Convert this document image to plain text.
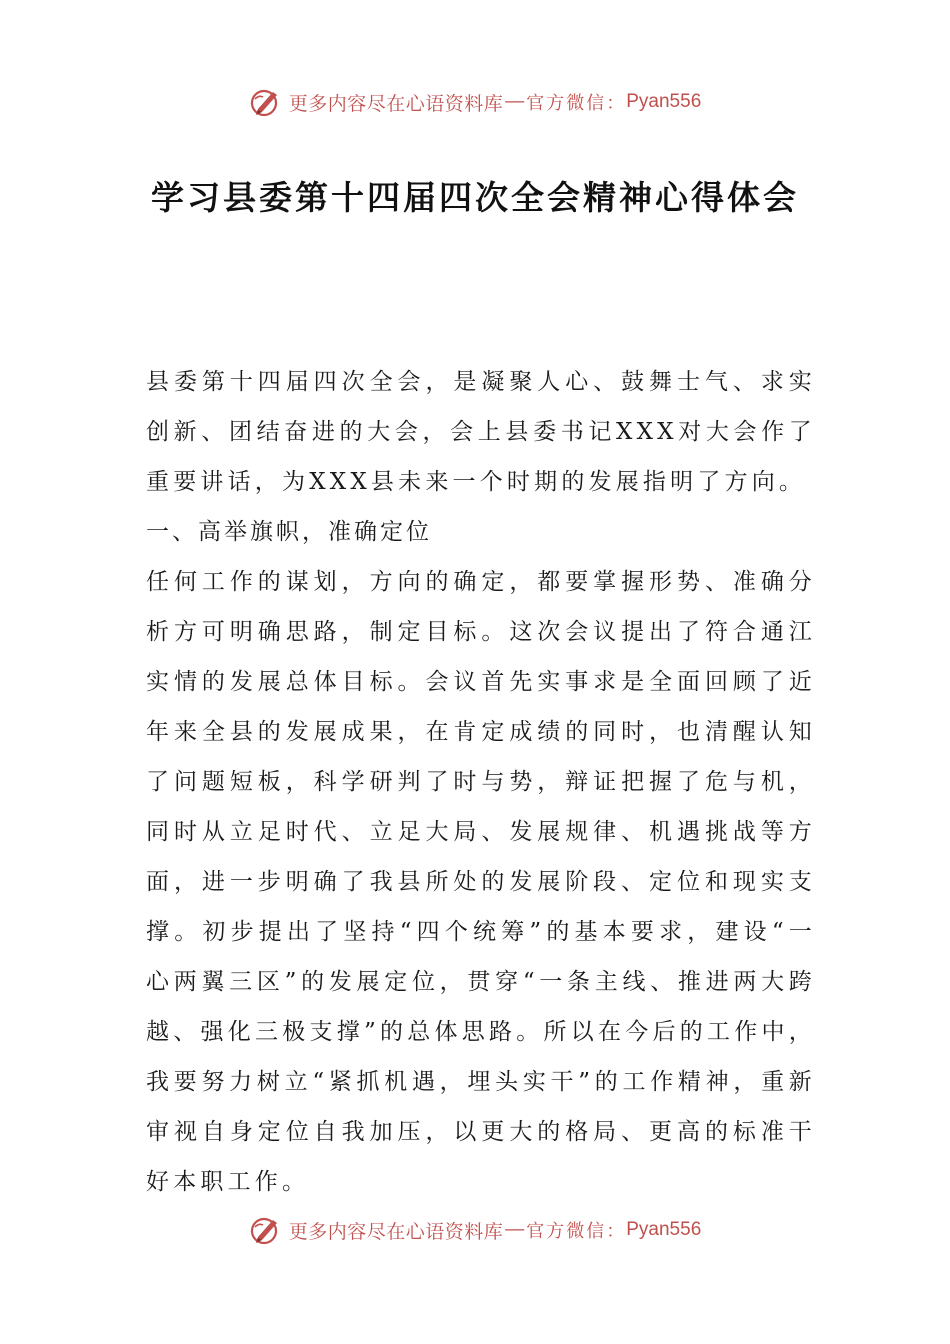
更多内容尽在心语资料库 — 官方微信： Pyan556
学习县委第十四届四次全会精神心得体会

县委第十四届四次全会，是凝聚人心、鼓舞士气、求实创新、团结奋进的大会，会上县委书记XXX对大会作了重要讲话，为XXX县未来一个时期的发展指明了方向。

一、高举旗帜，准确定位

任何工作的谋划，方向的确定，都要掌握形势、准确分析方可明确思路，制定目标。这次会议提出了符合通江实情的发展总体目标。会议首先实事求是全面回顾了近年来全县的发展成果，在肯定成绩的同时，也清醒认知了问题短板，科学研判了时与势，辩证把握了危与机，同时从立足时代、立足大局、发展规律、机遇挑战等方面，进一步明确了我县所处的发展阶段、定位和现实支撑。初步提出了坚持“四个统筹”的基本要求，建设“一心两翼三区”的发展定位，贯穿“一条主线、推进两大跨越、强化三极支撑”的总体思路。所以在今后的工作中，我要努力树立“紧抓机遇，埋头实干”的工作精神，重新审视自身定位自我加压，以更大的格局、更高的标准干好本职工作。

更多内容尽在心语资料库 — 官方微信： Pyan556
